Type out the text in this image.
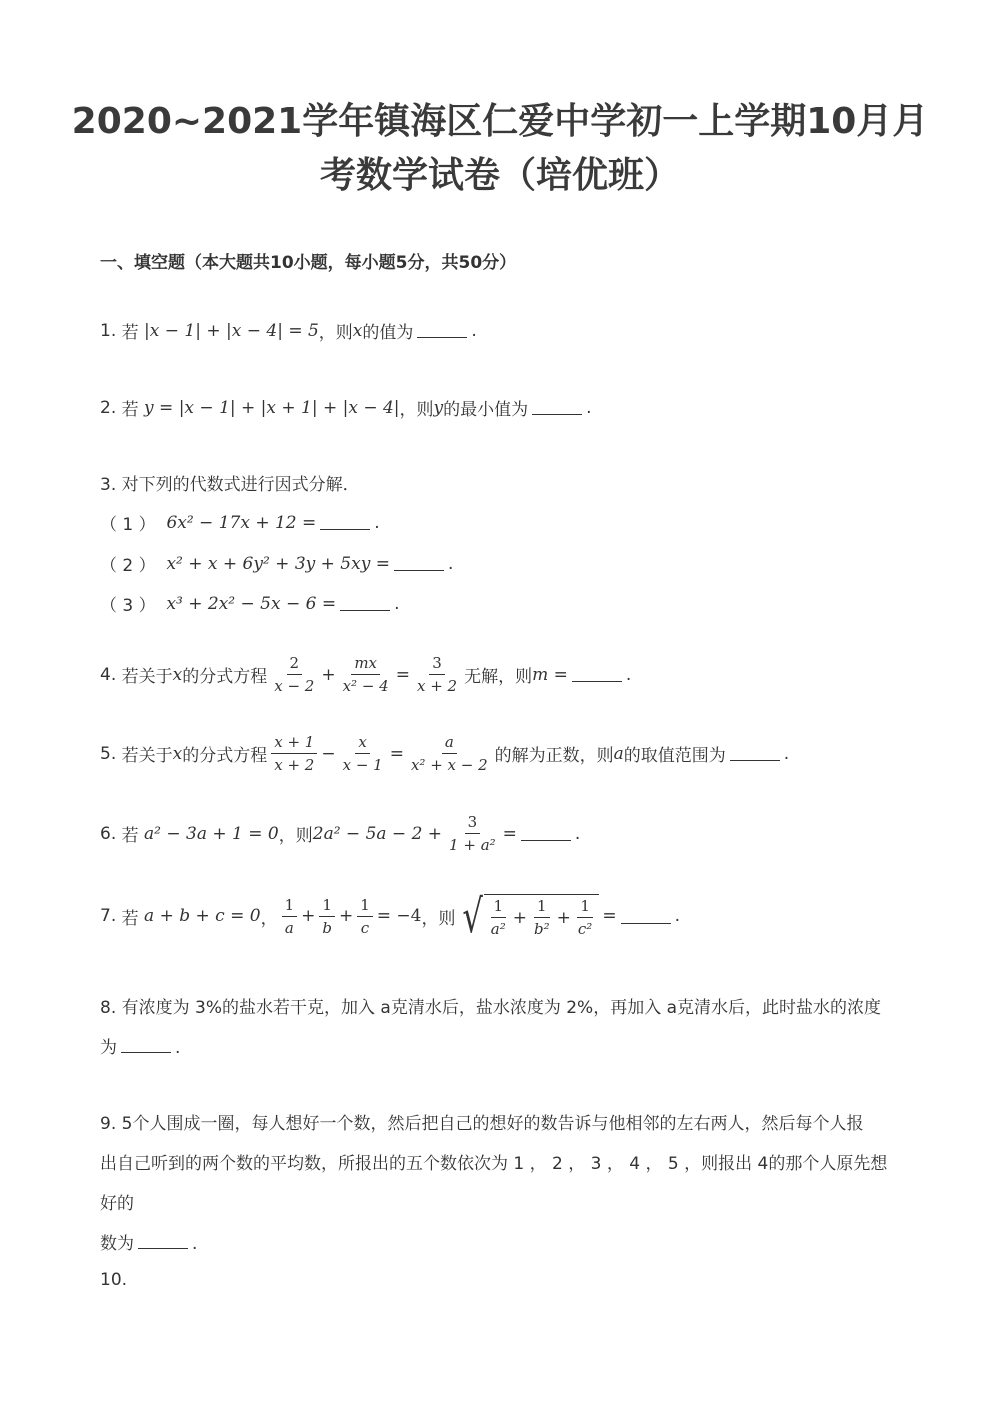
2020~2021学年镇海区仁爱中学初一上学期10月月
考数学试卷（培优班）
一、填空题（本大题共10小题，每小题5分，共50分）
1.
若
|x − 1| + |x − 4| = 5 ，则 x 的值为	.
2.
若
y = |x − 1| + |x + 1| + |x − 4| ，则 y 的最小值为	.
3. 对下列的代数式进行因式分解．
（ 1 ）
6x² − 17x + 12 =	.
（ 2 ）
x² + x + 6y² + 3y + 5xy =	.
（ 3 ）
x³ + 2x² − 5x − 6 =	.
4.
若关于 x 的分式方程 $\frac{2}{x - 2} + \frac{mx}{\text{x² − 4}} = \frac{3}{x + 2}$ 无解，则 m =	.
5.
若关于 x 的分式方程 $\frac{x + 1}{x + 2} - \frac{x}{x - 1} = \frac{a}{\text{x² + x − 2}}$ 的解为正数，则 a 的取值范围为	.
6.
若
a² − 3a + 1 = 0 ，则 $2a^2 - 5a - 2 + \frac{3}{\text{1 + a²}}$ =	.
7.
若
a + b + c = 0 ， $\frac{1}{a} + \frac{1}{b} + \frac{1}{c} = -4$ ，则 √ $\frac{1}{\text{a²}} + \frac{1}{\text{b²}} + \frac{1}{\text{c²}}$ =	.
8. 有浓度为 3%的盐水若干克，加入 a克清水后，盐水浓度为 2%，再加入 a克清水后，此时盐水的浓度
为	.
9. 5个人围成一圈，每人想好一个数，然后把自己的想好的数告诉与他相邻的左右两人，然后每个人报
出自己听到的两个数的平均数，所报出的五个数依次为 1 ， 2 ， 3 ， 4 ， 5 ，则报出 4的那个人原先想好的
数为	.
10.
